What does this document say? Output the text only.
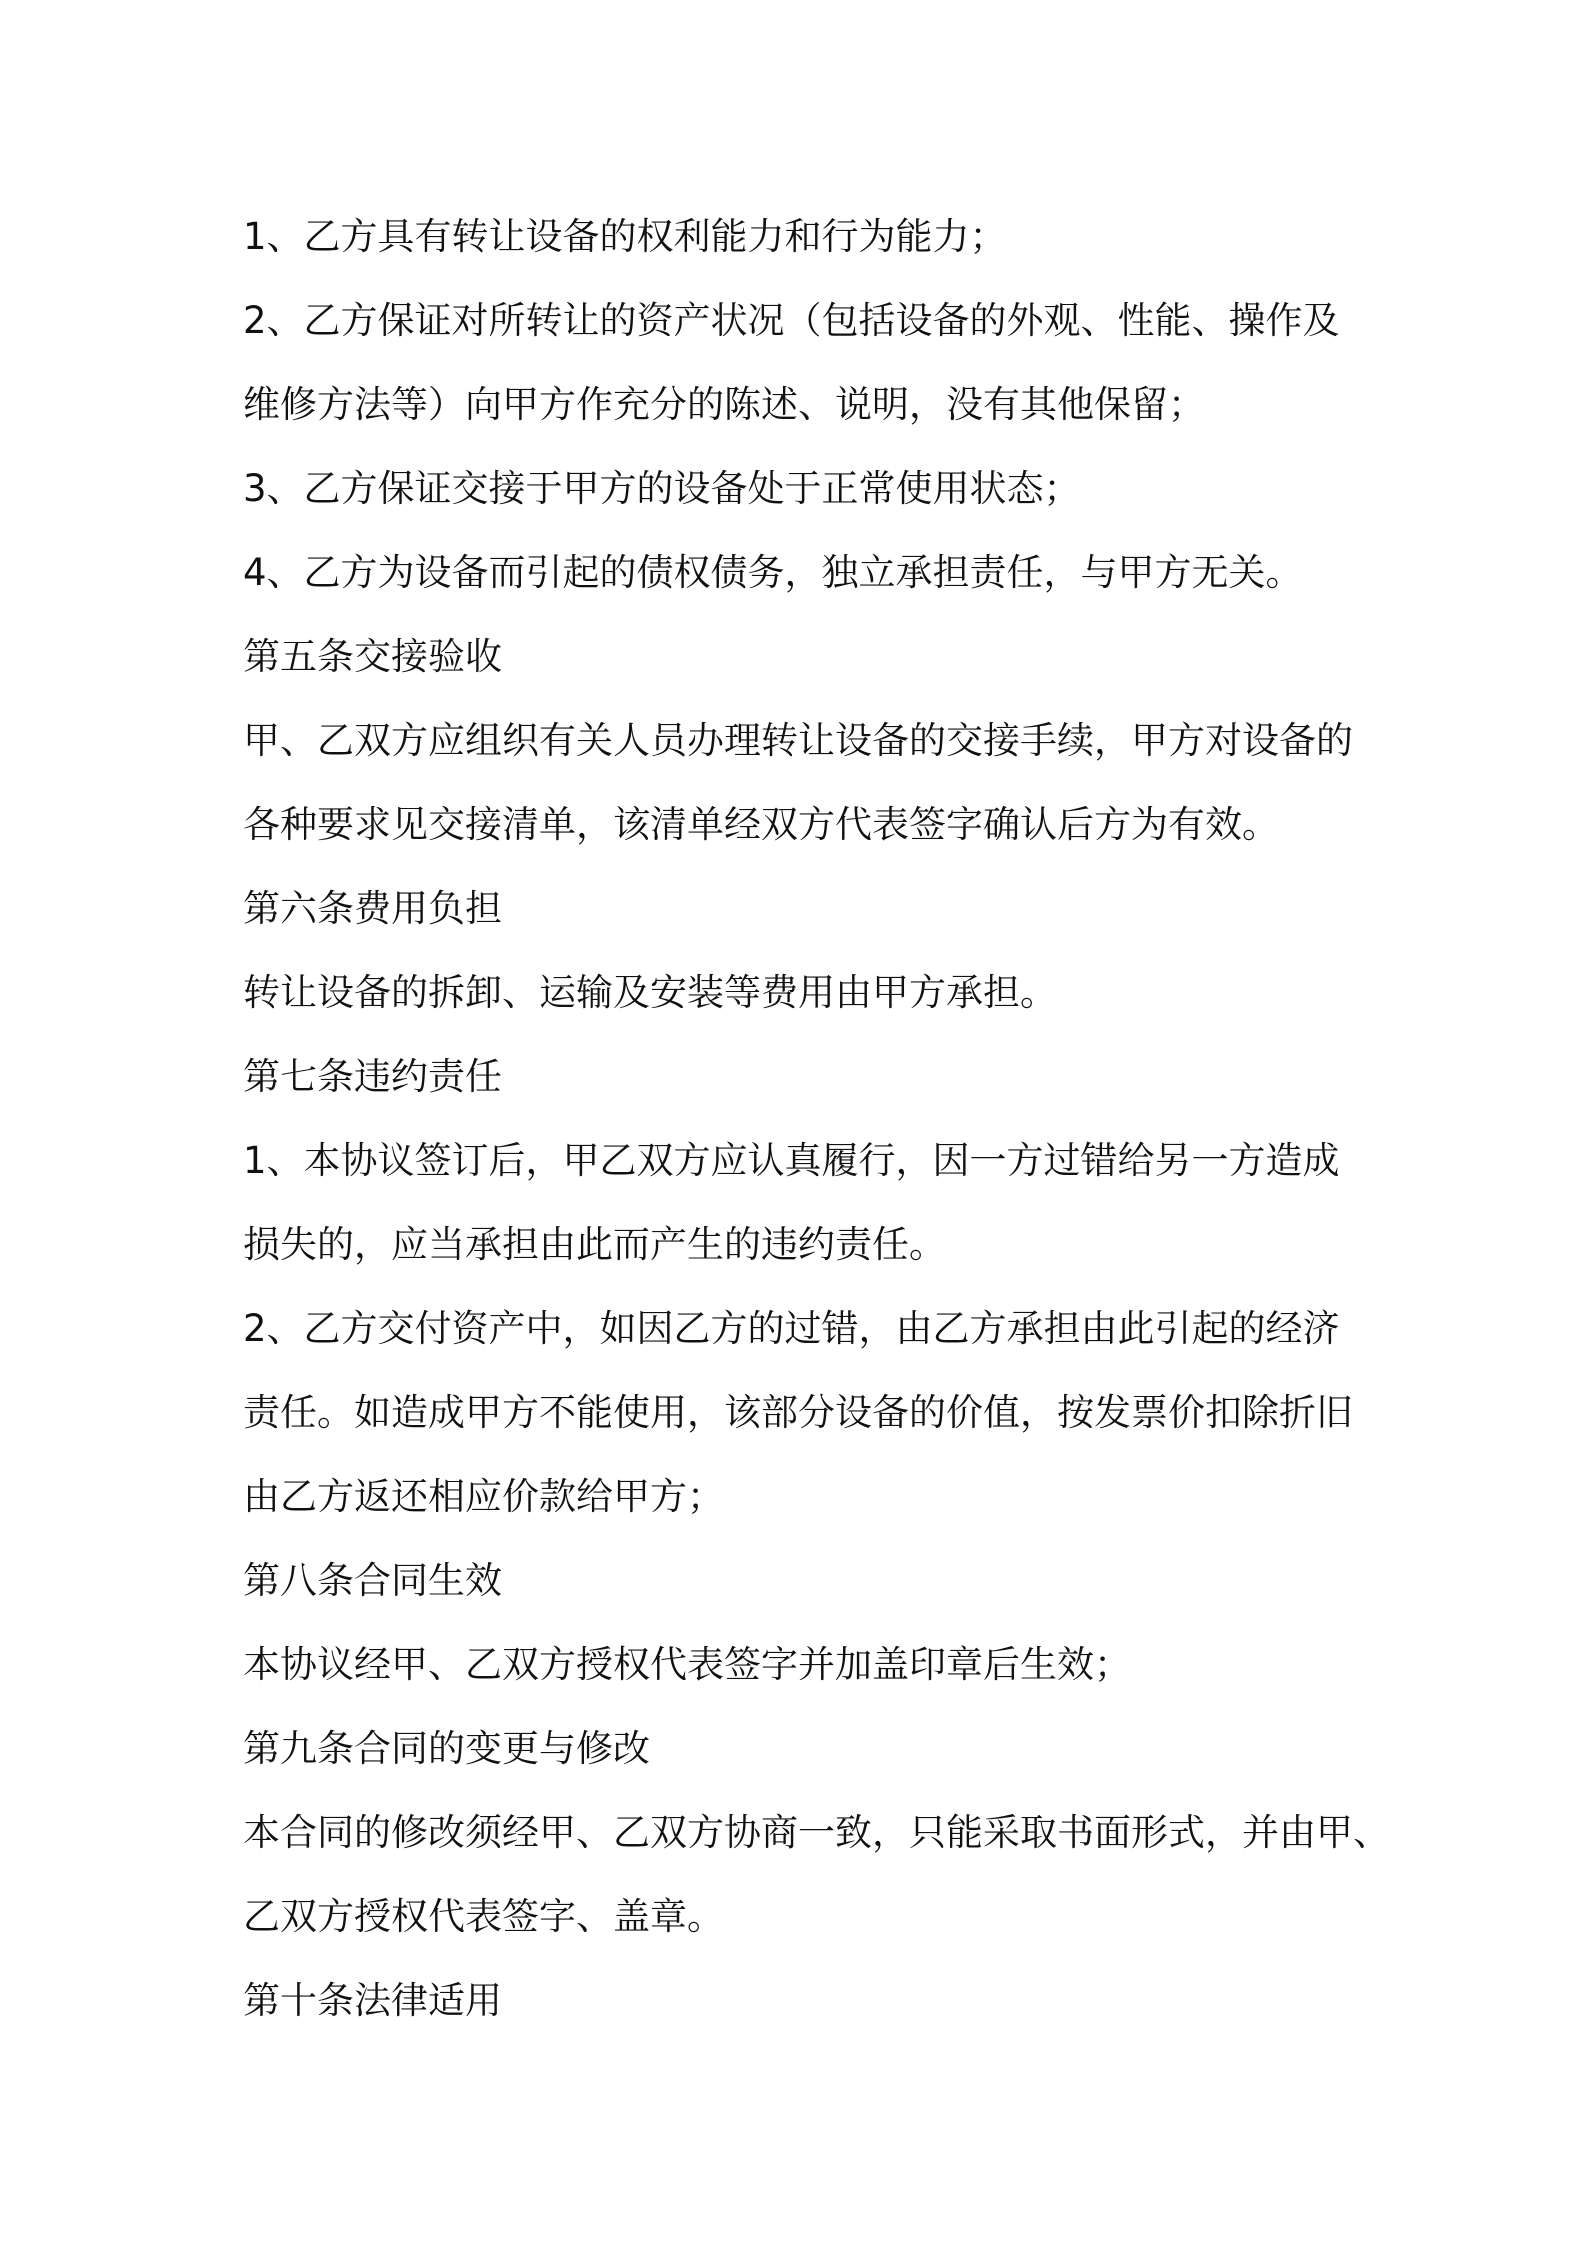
1、乙方具有转让设备的权利能力和行为能力；
2、乙方保证对所转让的资产状况（包括设备的外观、性能、操作及
维修方法等）向甲方作充分的陈述、说明，没有其他保留；
3、乙方保证交接于甲方的设备处于正常使用状态；
4、乙方为设备而引起的债权债务，独立承担责任，与甲方无关。
第五条交接验收
甲、乙双方应组织有关人员办理转让设备的交接手续，甲方对设备的
各种要求见交接清单，该清单经双方代表签字确认后方为有效。
第六条费用负担
转让设备的拆卸、运输及安装等费用由甲方承担。
第七条违约责任
1、本协议签订后，甲乙双方应认真履行，因一方过错给另一方造成
损失的，应当承担由此而产生的违约责任。
2、乙方交付资产中，如因乙方的过错，由乙方承担由此引起的经济
责任。如造成甲方不能使用，该部分设备的价值，按发票价扣除折旧
由乙方返还相应价款给甲方；
第八条合同生效
本协议经甲、乙双方授权代表签字并加盖印章后生效；
第九条合同的变更与修改
本合同的修改须经甲、乙双方协商一致，只能采取书面形式，并由甲、
乙双方授权代表签字、盖章。
第十条法律适用
